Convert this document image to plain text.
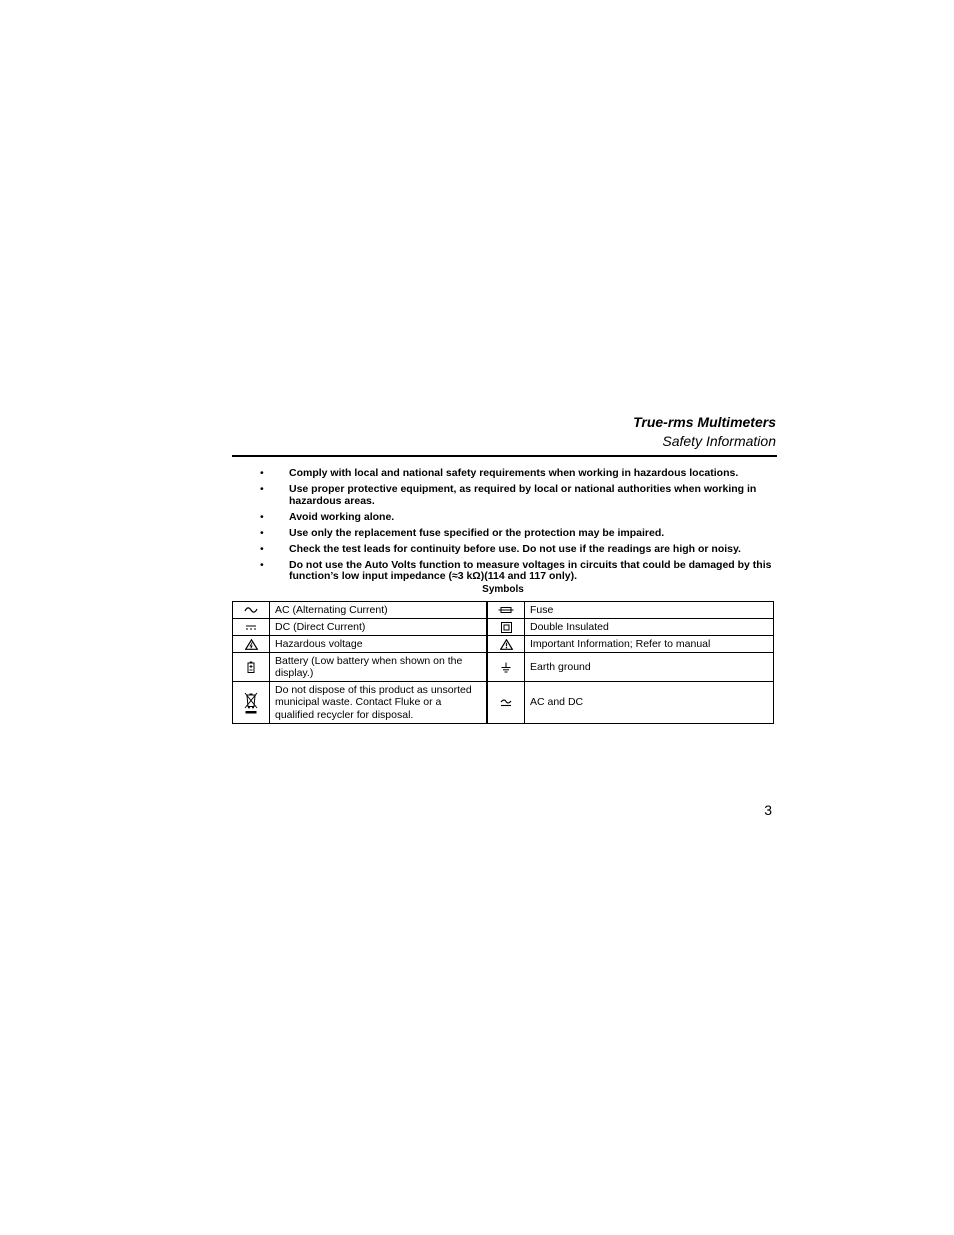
True-rms Multimeters

Safety Information

• Comply with local and national safety requirements when working in hazardous locations.
• Use proper protective equipment, as required by local or national authorities when working in hazardous areas.
• Avoid working alone.
• Use only the replacement fuse specified or the protection may be impaired.
• Check the test leads for continuity before use. Do not use if the readings are high or noisy.
• Do not use the Auto Volts function to measure voltages in circuits that could be damaged by this function’s low input impedance (≈3 kΩ)(114 and 117 only).

Symbols

	AC (Alternating Current)		Fuse

	DC (Direct Current)		Double Insulated

	Hazardous voltage		Important Information; Refer to manual

	Battery (Low battery when shown on the display.)		Earth ground

	Do not dispose of this product as unsorted municipal waste. Contact Fluke or a qualified recycler for disposal.		AC and DC

3
